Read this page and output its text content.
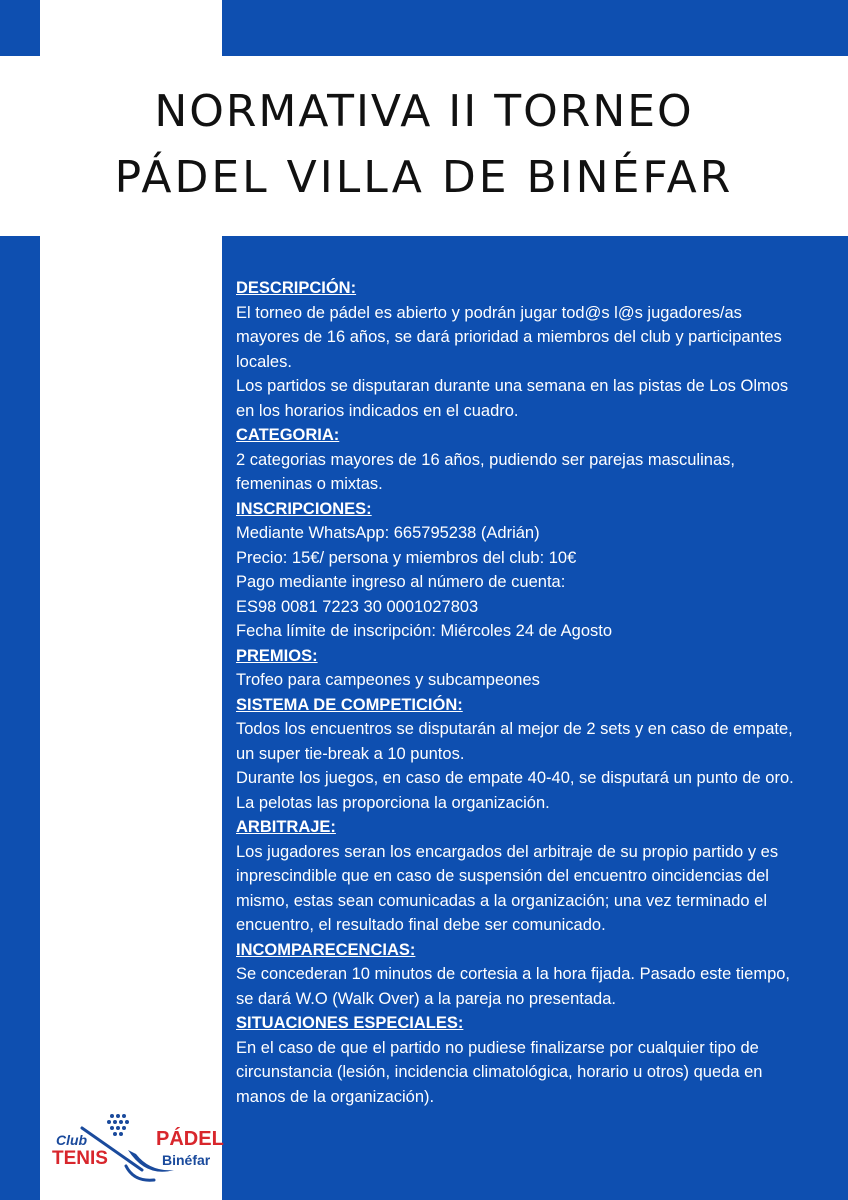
NORMATIVA II TORNEO
PÁDEL VILLA DE BINÉFAR
DESCRIPCIÓN:
El torneo de pádel es abierto y podrán jugar tod@s l@s jugadores/as
mayores de 16 años, se dará prioridad a miembros del club y participantes
locales.
Los partidos se disputaran durante una semana en las pistas de Los Olmos
en los horarios indicados en el cuadro.
CATEGORIA:
2 categorias mayores de 16 años, pudiendo ser parejas masculinas,
femeninas o mixtas.
INSCRIPCIONES:
Mediante WhatsApp: 665795238 (Adrián)
Precio: 15€/ persona y miembros del club: 10€
Pago mediante ingreso al número de cuenta:
ES98 0081 7223 30 0001027803
Fecha límite de inscripción: Miércoles 24 de Agosto
PREMIOS:
Trofeo para campeones y subcampeones
SISTEMA DE COMPETICIÓN:
Todos los encuentros se disputarán al mejor de 2 sets y en caso de empate,
un super tie-break a 10 puntos.
Durante los juegos, en caso de empate 40-40, se disputará un punto de oro.
La pelotas las proporciona la organización.
ARBITRAJE:
Los jugadores seran los encargados del arbitraje de su propio partido y es
inprescindible que en caso de suspensión del encuentro oincidencias del
mismo, estas sean comunicadas a la organización; una vez terminado el
encuentro, el resultado final debe ser comunicado.
INCOMPARECENCIAS:
Se concederan 10 minutos de cortesia a la hora fijada. Pasado este tiempo,
se dará W.O (Walk Over) a la pareja no presentada.
SITUACIONES ESPECIALES:
En el caso de que el partido no pudiese finalizarse por cualquier tipo de
circunstancia (lesión, incidencia climatológica, horario u otros) queda en
manos de la organización).
Club
TENIS
PÁDEL
Binéfar
